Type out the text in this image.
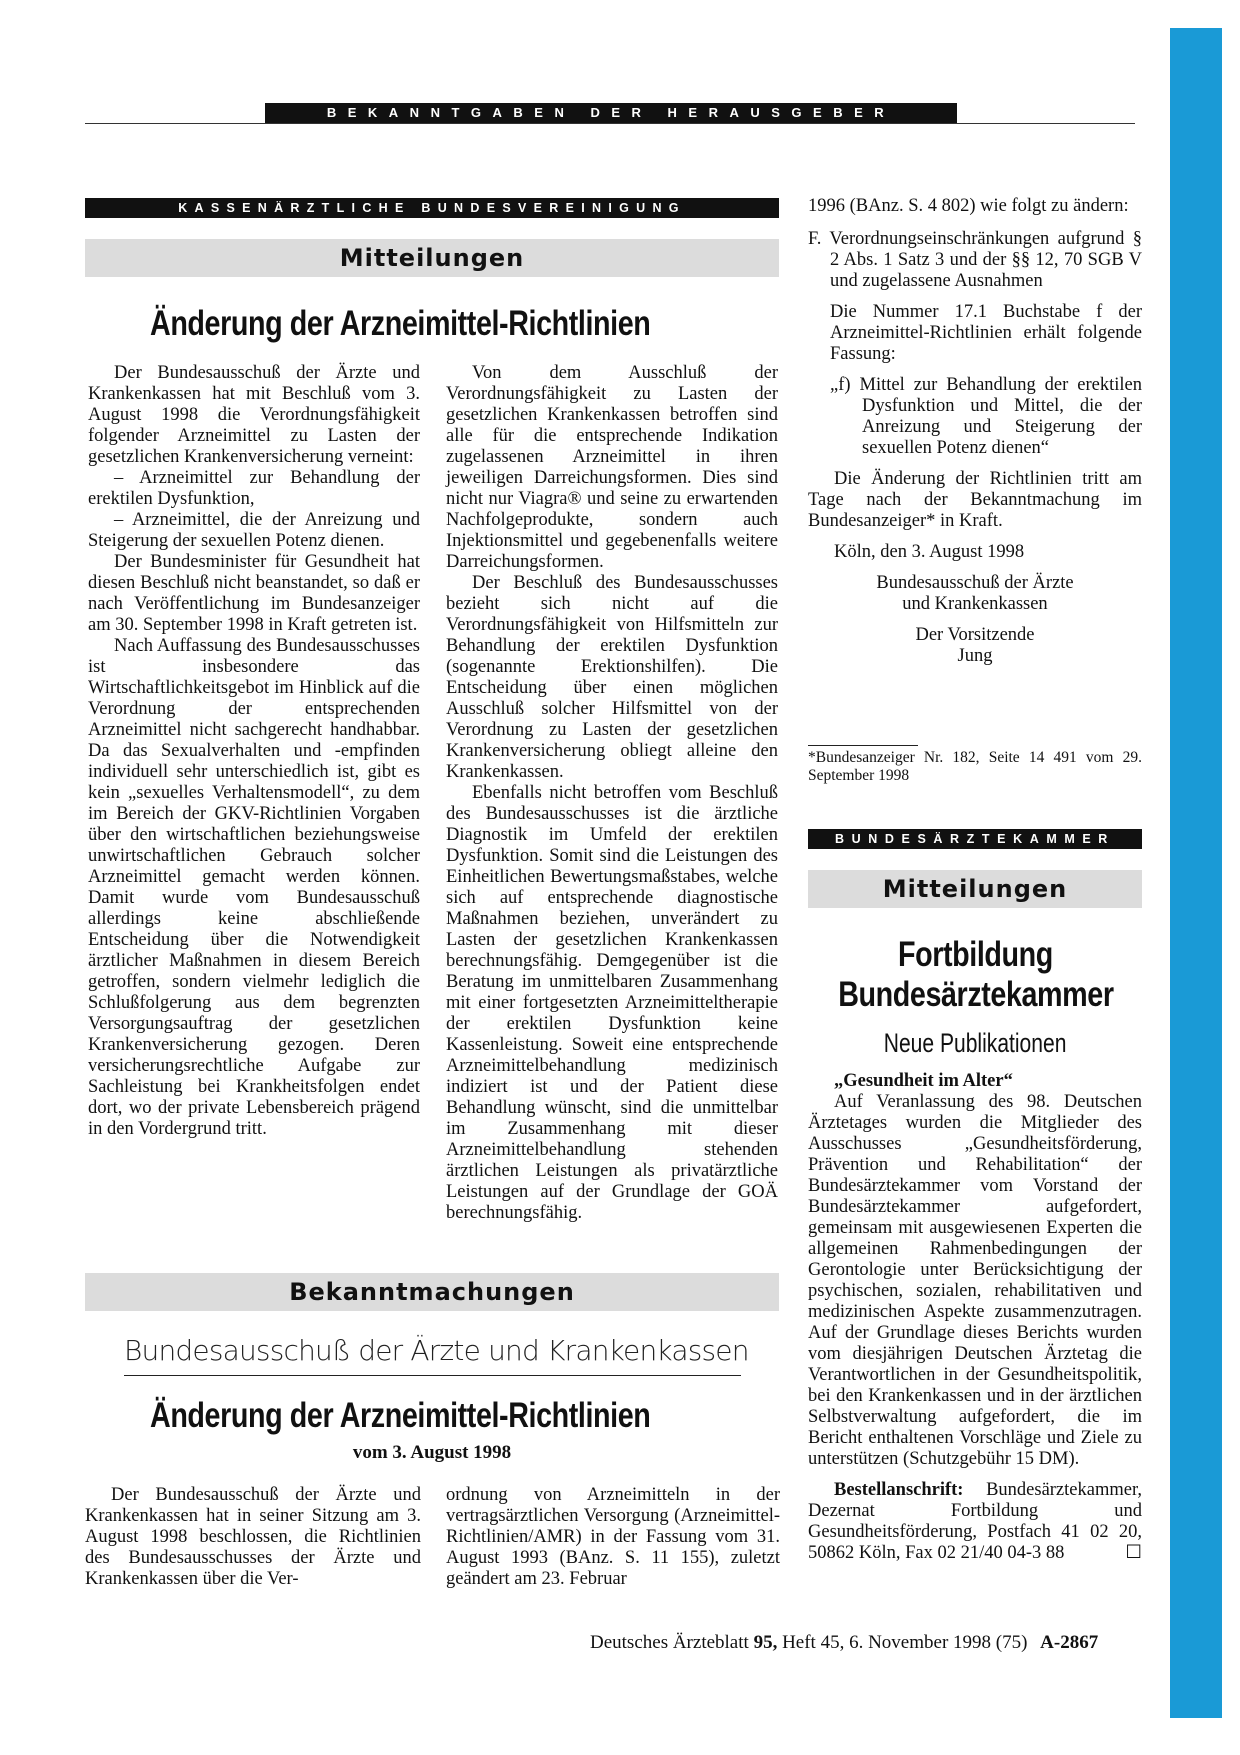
BEKANNTGABEN DER HERAUSGEBER
KASSENÄRZTLICHE BUNDESVEREINIGUNG
Mitteilungen
Änderung der Arzneimittel-Richtlinien

Der Bundesausschuß der Ärzte und Krankenkassen hat mit Beschluß vom 3. August 1998 die Verordnungsfähigkeit folgender Arzneimittel zu Lasten der gesetzlichen Krankenversicherung verneint:

– Arzneimittel zur Behandlung der erektilen Dysfunktion,

– Arzneimittel, die der Anreizung und Steigerung der sexuellen Potenz dienen.

Der Bundesminister für Gesundheit hat diesen Beschluß nicht beanstandet, so daß er nach Veröffentlichung im Bundesanzeiger am 30. September 1998 in Kraft getreten ist.

Nach Auffassung des Bundesausschusses ist insbesondere das Wirtschaftlichkeitsgebot im Hinblick auf die Verordnung der entsprechenden Arzneimittel nicht sachgerecht handhabbar. Da das Sexualverhalten und -empfinden individuell sehr unterschiedlich ist, gibt es kein „sexuelles Verhaltensmodell“, zu dem im Bereich der GKV-Richtlinien Vorgaben über den wirtschaftlichen beziehungsweise unwirtschaftlichen Gebrauch solcher Arzneimittel gemacht werden können. Damit wurde vom Bundesausschuß allerdings keine abschließende Entscheidung über die Notwendigkeit ärztlicher Maßnahmen in diesem Bereich getroffen, sondern vielmehr lediglich die Schlußfolgerung aus dem begrenzten Versorgungsauftrag der gesetzlichen Krankenversicherung gezogen. Deren versicherungsrechtliche Aufgabe zur Sachleistung bei Krankheitsfolgen endet dort, wo der private Lebensbereich prägend in den Vordergrund tritt.

Von dem Ausschluß der Verordnungsfähigkeit zu Lasten der gesetzlichen Krankenkassen betroffen sind alle für die entsprechende Indikation zugelassenen Arzneimittel in ihren jeweiligen Darreichungsformen. Dies sind nicht nur Viagra® und seine zu erwartenden Nachfolgeprodukte, sondern auch Injektionsmittel und gegebenenfalls weitere Darreichungsformen.

Der Beschluß des Bundesausschusses bezieht sich nicht auf die Verordnungsfähigkeit von Hilfsmitteln zur Behandlung der erektilen Dysfunktion (sogenannte Erektionshilfen). Die Entscheidung über einen möglichen Ausschluß solcher Hilfsmittel von der Verordnung zu Lasten der gesetzlichen Krankenversicherung obliegt alleine den Krankenkassen.

Ebenfalls nicht betroffen vom Beschluß des Bundesausschusses ist die ärztliche Diagnostik im Umfeld der erektilen Dysfunktion. Somit sind die Leistungen des Einheitlichen Bewertungsmaßstabes, welche sich auf entsprechende diagnostische Maßnahmen beziehen, unverändert zu Lasten der gesetzlichen Krankenkassen berechnungsfähig. Demgegenüber ist die Beratung im unmittelbaren Zusammenhang mit einer fortgesetzten Arzneimitteltherapie der erektilen Dysfunktion keine Kassenleistung. Soweit eine entsprechende Arzneimittelbehandlung medizinisch indiziert ist und der Patient diese Behandlung wünscht, sind die unmittelbar im Zusammenhang mit dieser Arzneimittelbehandlung stehenden ärztlichen Leistungen als privatärztliche Leistungen auf der Grundlage der GOÄ berechnungsfähig.

Bekanntmachungen
Bundesausschuß der Ärzte und Krankenkassen
Änderung der Arzneimittel-Richtlinien
vom 3. August 1998

Der Bundesausschuß der Ärzte und Krankenkassen hat in seiner Sitzung am 3. August 1998 beschlossen, die Richtlinien des Bundesausschusses der Ärzte und Krankenkassen über die Ver-

ordnung von Arzneimitteln in der vertragsärztlichen Versorgung (Arzneimittel-Richtlinien/AMR) in der Fassung vom 31. August 1993 (BAnz. S. 11 155), zuletzt geändert am 23. Februar

1996 (BAnz. S. 4 802) wie folgt zu ändern:

F. Verordnungseinschränkungen aufgrund § 2 Abs. 1 Satz 3 und der §§ 12, 70 SGB V und zugelassene Ausnahmen

Die Nummer 17.1 Buchstabe f der Arzneimittel-Richtlinien erhält folgende Fassung:

„f) Mittel zur Behandlung der erektilen Dysfunktion und Mittel, die der Anreizung und Steigerung der sexuellen Potenz dienen“

Die Änderung der Richtlinien tritt am Tage nach der Bekanntmachung im Bundesanzeiger* in Kraft.

Köln, den 3. August 1998

Bundesausschuß der Ärzte
und Krankenkassen
Der Vorsitzende
Jung

*Bundesanzeiger Nr. 182, Seite 14 491 vom 29. September 1998

BUNDESÄRZTEKAMMER
Mitteilungen
Fortbildung
Bundesärztekammer
Neue Publikationen

„Gesundheit im Alter“

Auf Veranlassung des 98. Deutschen Ärztetages wurden die Mitglieder des Ausschusses „Gesundheitsförderung, Prävention und Rehabilitation“ der Bundesärztekammer vom Vorstand der Bundesärztekammer aufgefordert, gemeinsam mit ausgewiesenen Experten die allgemeinen Rahmenbedingungen der Gerontologie unter Berücksichtigung der psychischen, sozialen, rehabilitativen und medizinischen Aspekte zusammenzutragen. Auf der Grundlage dieses Berichts wurden vom diesjährigen Deutschen Ärztetag die Verantwortlichen in der Gesundheitspolitik, bei den Krankenkassen und in der ärztlichen Selbstverwaltung aufgefordert, die im Bericht enthaltenen Vorschläge und Ziele zu unterstützen (Schutzgebühr 15 DM).

Bestellanschrift: Bundesärztekammer, Dezernat Fortbildung und Gesundheitsförderung, Postfach 41 02 20, 50862 Köln, Fax 02 21/40 04-3 88	☐

Deutsches Ärzteblatt 95, Heft 45, 6. November 1998 (75) A-2867
